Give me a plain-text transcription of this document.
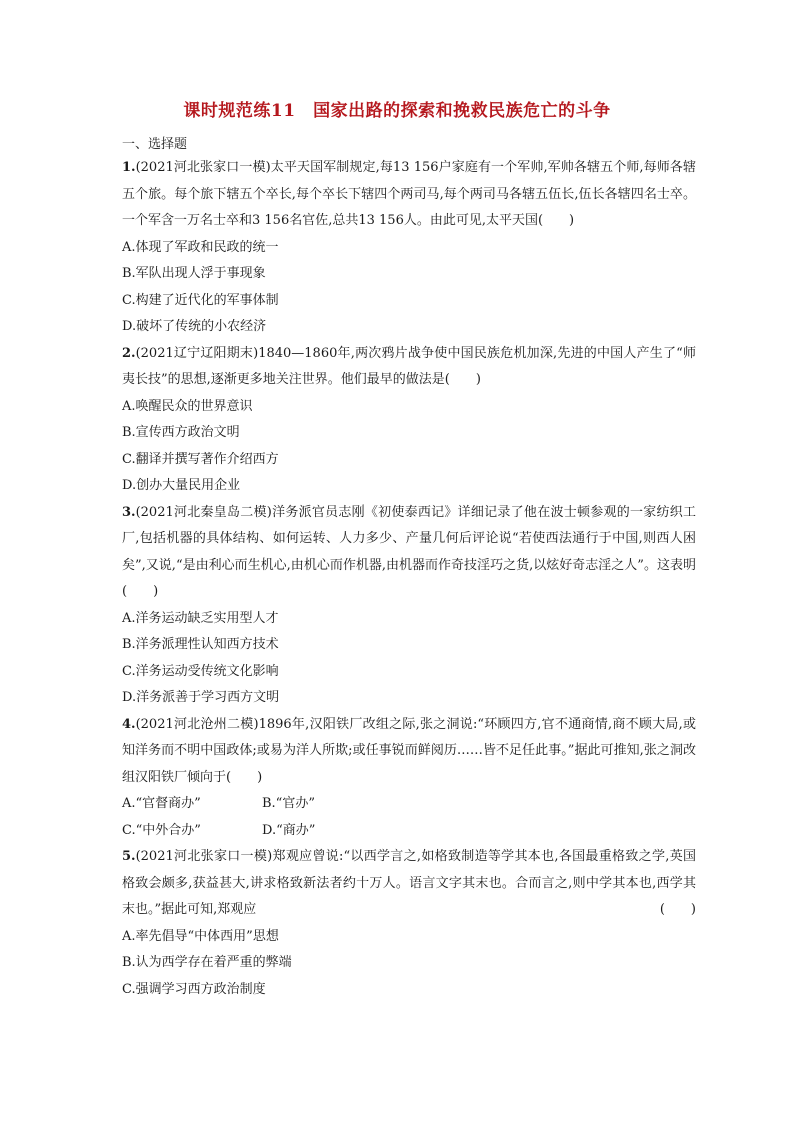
课时规范练11　国家出路的探索和挽救民族危亡的斗争
一、选择题

1.(2021河北张家口一模)太平天国军制规定,每13 156户家庭有一个军帅,军帅各辖五个师,每师各辖五个旅。每个旅下辖五个卒长,每个卒长下辖四个两司马,每个两司马各辖五伍长,伍长各辖四名士卒。一个军含一万名士卒和3 156名官佐,总共13 156人。由此可见,太平天国(　　)

A.体现了军政和民政的统一

B.军队出现人浮于事现象

C.构建了近代化的军事体制

D.破坏了传统的小农经济

2.(2021辽宁辽阳期末)1840—1860年,两次鸦片战争使中国民族危机加深,先进的中国人产生了“师夷长技”的思想,逐渐更多地关注世界。他们最早的做法是(　　)

A.唤醒民众的世界意识

B.宣传西方政治文明

C.翻译并撰写著作介绍西方

D.创办大量民用企业

3.(2021河北秦皇岛二模)洋务派官员志刚《初使泰西记》详细记录了他在波士顿参观的一家纺织工厂,包括机器的具体结构、如何运转、人力多少、产量几何后评论说“若使西法通行于中国,则西人困矣”,又说,“是由利心而生机心,由机心而作机器,由机器而作奇技淫巧之货,以炫好奇志淫之人”。这表明(　　)

A.洋务运动缺乏实用型人才

B.洋务派理性认知西方技术

C.洋务运动受传统文化影响

D.洋务派善于学习西方文明

4.(2021河北沧州二模)1896年,汉阳铁厂改组之际,张之洞说:“环顾四方,官不通商情,商不顾大局,或知洋务而不明中国政体;或易为洋人所欺;或任事锐而鲜阅历……皆不足任此事。”据此可推知,张之洞改组汉阳铁厂倾向于(　　)

A.“官督商办”	B.“官办”

C.“中外合办”	D.“商办”

5.(2021河北张家口一模)郑观应曾说:“以西学言之,如格致制造等学其本也,各国最重格致之学,英国格致会颇多,获益甚大,讲求格致新法者约十万人。语言文字其末也。合而言之,则中学其本也,西学其末也。”据此可知,郑观应	(　　)

A.率先倡导“中体西用”思想

B.认为西学存在着严重的弊端

C.强调学习西方政治制度
